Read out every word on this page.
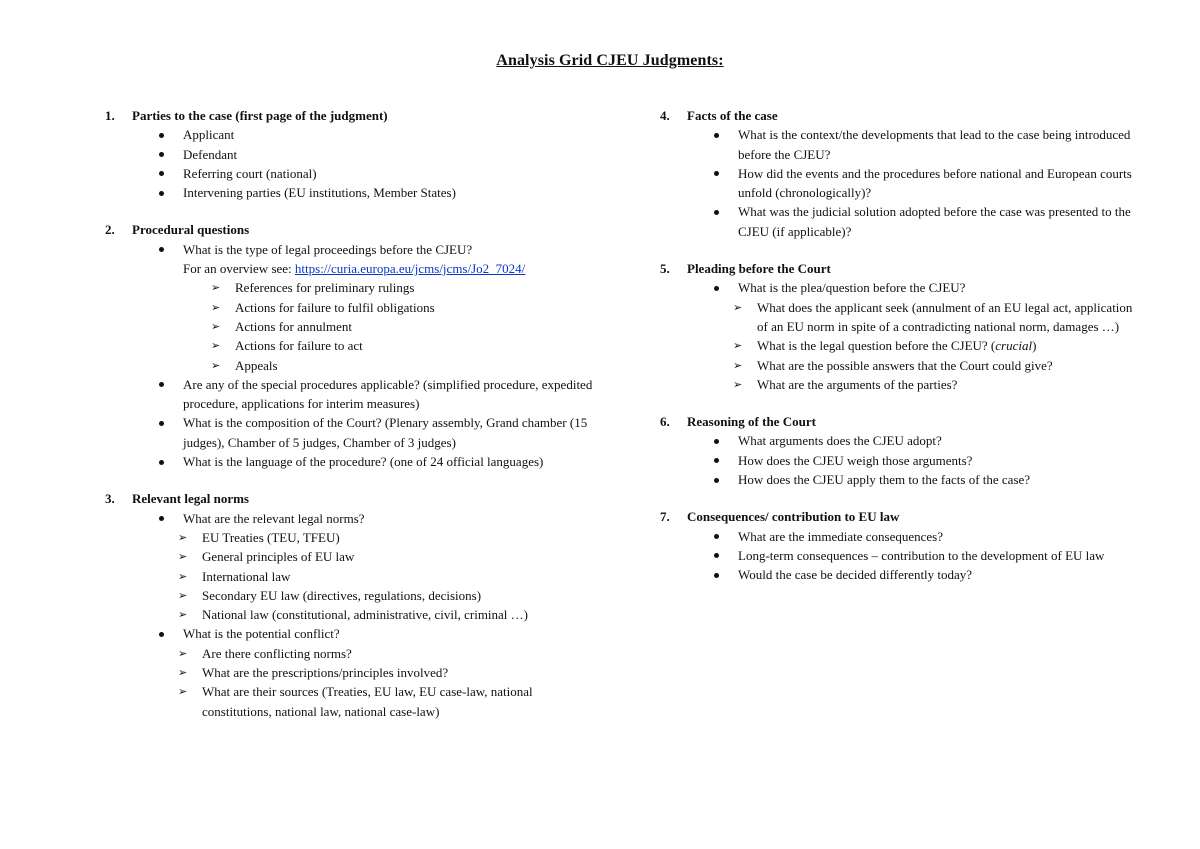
Analysis Grid CJEU Judgments:
1.	Parties to the case (first page of the judgment)
Applicant
Defendant
Referring court (national)
Intervening parties (EU institutions, Member States)
2.	Procedural questions
What is the type of legal proceedings before the CJEU?
For an overview see: https://curia.europa.eu/jcms/jcms/Jo2_7024/
➢ References for preliminary rulings
➢ Actions for failure to fulfil obligations
➢ Actions for annulment
➢ Actions for failure to act
➢ Appeals
Are any of the special procedures applicable? (simplified procedure, expedited procedure, applications for interim measures)
What is the composition of the Court? (Plenary assembly, Grand chamber (15 judges), Chamber of 5 judges, Chamber of 3 judges)
What is the language of the procedure? (one of 24 official languages)
3.	Relevant legal norms
What are the relevant legal norms?
➢ EU Treaties (TEU, TFEU)
➢ General principles of EU law
➢ International law
➢ Secondary EU law (directives, regulations, decisions)
➢ National law (constitutional, administrative, civil, criminal …)
What is the potential conflict?
➢ Are there conflicting norms?
➢ What are the prescriptions/principles involved?
➢ What are their sources (Treaties, EU law, EU case-law, national constitutions, national law, national case-law)
4.	Facts of the case
What is the context/the developments that lead to the case being introduced before the CJEU?
How did the events and the procedures before national and European courts unfold (chronologically)?
What was the judicial solution adopted before the case was presented to the CJEU (if applicable)?
5.	Pleading before the Court
What is the plea/question before the CJEU?
➢ What does the applicant seek (annulment of an EU legal act, application of an EU norm in spite of a contradicting national norm, damages …)
➢ What is the legal question before the CJEU? (crucial)
➢ What are the possible answers that the Court could give?
➢ What are the arguments of the parties?
6.	Reasoning of the Court
What arguments does the CJEU adopt?
How does the CJEU weigh those arguments?
How does the CJEU apply them to the facts of the case?
7.	Consequences/ contribution to EU law
What are the immediate consequences?
Long-term consequences – contribution to the development of EU law
Would the case be decided differently today?
